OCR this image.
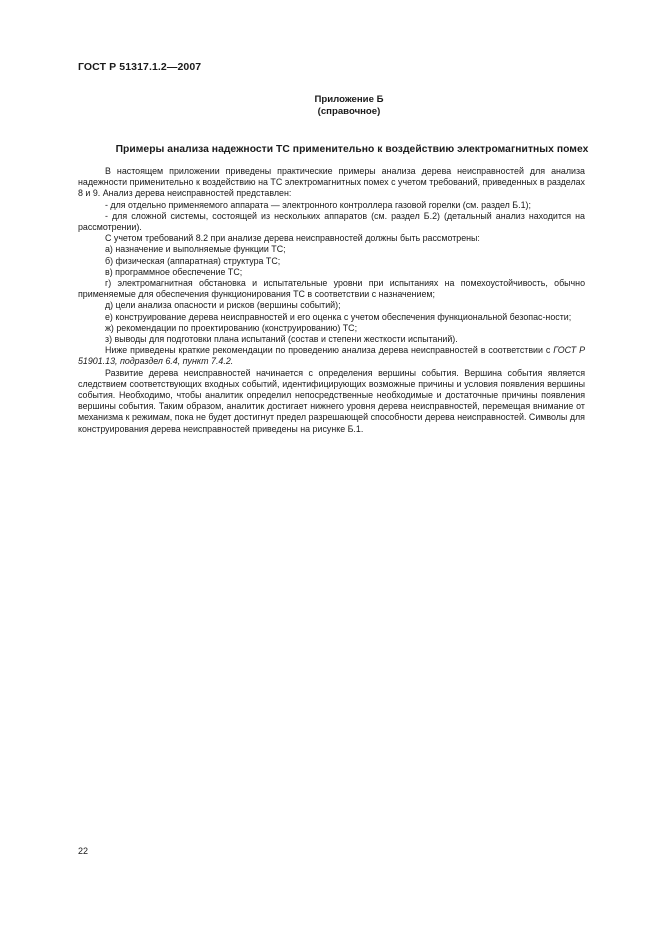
ГОСТ Р 51317.1.2—2007
Приложение Б
(справочное)
Примеры анализа надежности ТС применительно к воздействию электромагнитных помех

В настоящем приложении приведены практические примеры анализа дерева неисправностей для анализа надежности применительно к воздействию на ТС электромагнитных помех с учетом требований, приведенных в разделах 8 и 9. Анализ дерева неисправностей представлен:

- для отдельно применяемого аппарата — электронного контроллера газовой горелки (см. раздел Б.1);

- для сложной системы, состоящей из нескольких аппаратов (см. раздел Б.2) (детальный анализ находится на рассмотрении).

С учетом требований 8.2 при анализе дерева неисправностей должны быть рассмотрены:

а) назначение и выполняемые функции ТС;

б) физическая (аппаратная) структура ТС;

в) программное обеспечение ТС;

г) электромагнитная обстановка и испытательные уровни при испытаниях на помехоустойчивость, обычно применяемые для обеспечения функционирования ТС в соответствии с назначением;

д) цели анализа опасности и рисков (вершины событий);

е) конструирование дерева неисправностей и его оценка с учетом обеспечения функциональной безопас-ности;

ж) рекомендации по проектированию (конструированию) ТС;

з) выводы для подготовки плана испытаний (состав и степени жесткости испытаний).

Ниже приведены краткие рекомендации по проведению анализа дерева неисправностей в соответствии с ГОСТ Р 51901.13, подраздел 6.4, пункт 7.4.2.

Развитие дерева неисправностей начинается с определения вершины события. Вершина события является следствием соответствующих входных событий, идентифицирующих возможные причины и условия появления вершины события. Необходимо, чтобы аналитик определил непосредственные необходимые и достаточные причины появления вершины события. Таким образом, аналитик достигает нижнего уровня дерева неисправностей, перемещая внимание от механизма к режимам, пока не будет достигнут предел разрешающей способности дерева неисправностей. Символы для конструирования дерева неисправностей приведены на рисунке Б.1.

22
